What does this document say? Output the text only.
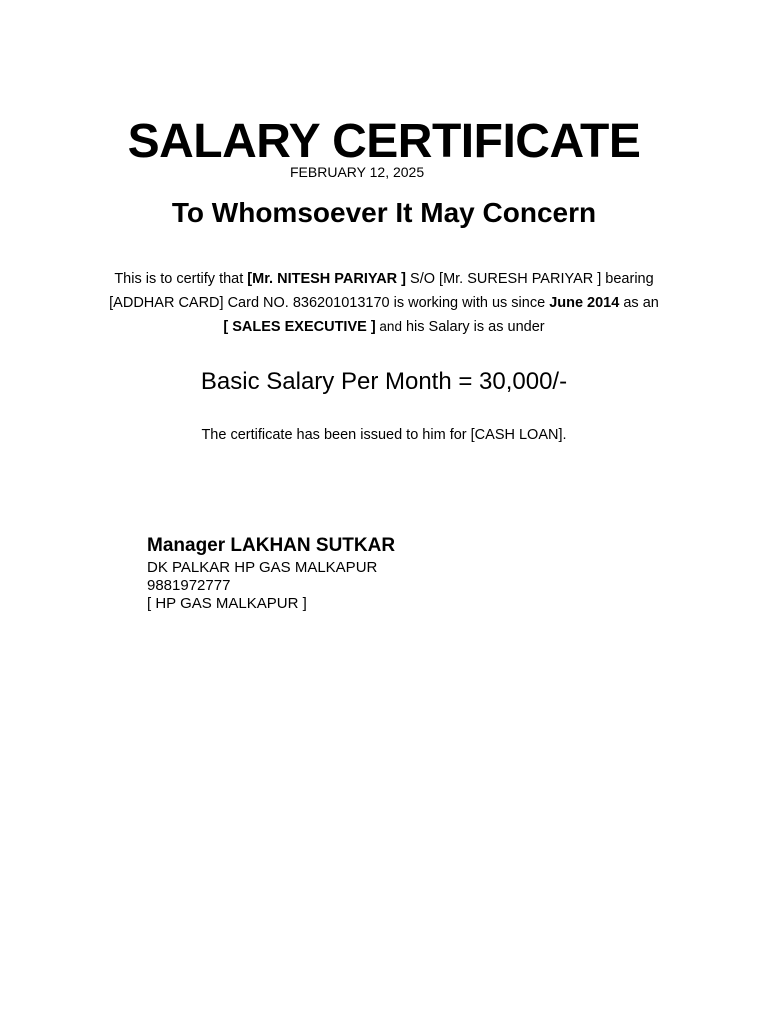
SALARY CERTIFICATE
FEBRUARY 12, 2025
To Whomsoever It May Concern
This is to certify that [Mr. NITESH PARIYAR ] S/O [Mr. SURESH PARIYAR ] bearing
[ADDHAR CARD] Card NO. 836201013170 is working with us since June 2014 as an
[ SALES EXECUTIVE ] and his Salary is as under
Basic Salary Per Month = 30,000/-
The certificate has been issued to him for [CASH LOAN].
Manager LAKHAN SUTKAR
DK PALKAR HP GAS MALKAPUR
9881972777
[ HP GAS MALKAPUR ]
